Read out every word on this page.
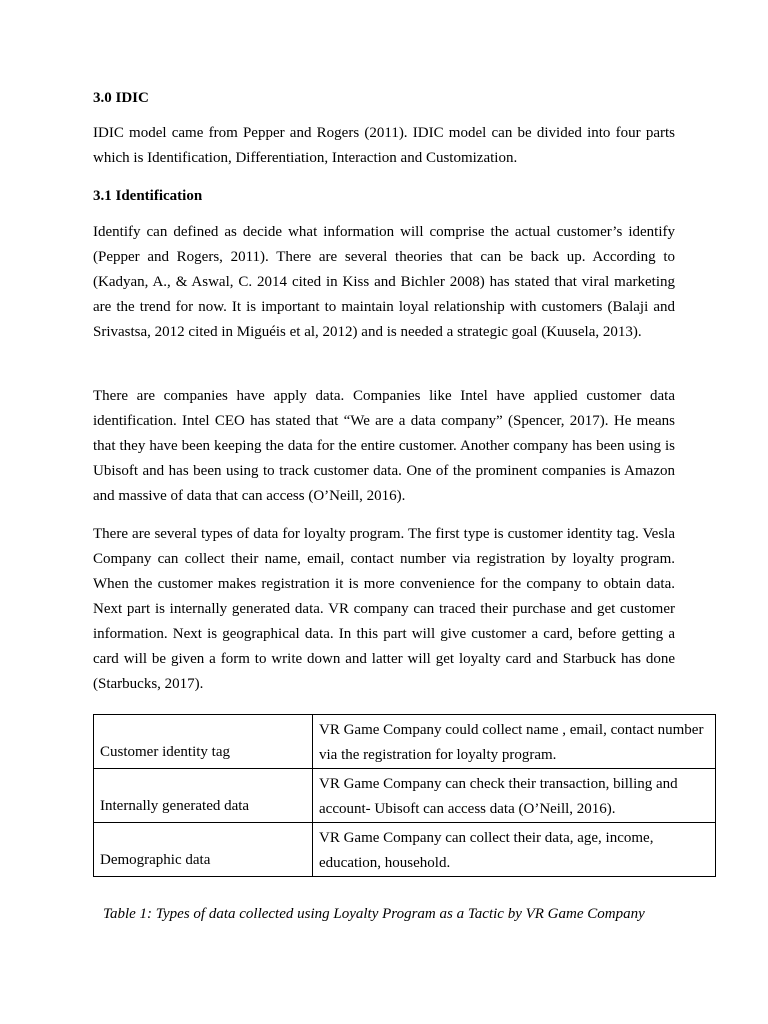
3.0 IDIC

IDIC model came from Pepper and Rogers (2011). IDIC model can be divided into four parts which is Identification, Differentiation, Interaction and Customization.

3.1 Identification

Identify can defined as decide what information will comprise the actual customer’s identify (Pepper and Rogers, 2011). There are several theories that can be back up. According to (Kadyan, A., & Aswal, C. 2014 cited in Kiss and Bichler 2008) has stated that viral marketing are the trend for now. It is important to maintain loyal relationship with customers (Balaji and Srivastsa, 2012 cited in Miguéis et al, 2012) and is needed a strategic goal (Kuusela, 2013).

There are companies have apply data. Companies like Intel have applied customer data identification. Intel CEO has stated that “We are a data company” (Spencer, 2017). He means that they have been keeping the data for the entire customer. Another company has been using is Ubisoft and has been using to track customer data. One of the prominent companies is Amazon and massive of data that can access (O’Neill, 2016).

There are several types of data for loyalty program. The first type is customer identity tag. Vesla Company can collect their name, email, contact number via registration by loyalty program. When the customer makes registration it is more convenience for the company to obtain data. Next part is internally generated data. VR company can traced their purchase and get customer information. Next is geographical data. In this part will give customer a card, before getting a card will be given a form to write down and latter will get loyalty card and Starbuck has done (Starbucks, 2017).

Customer identity tag	VR Game Company could collect name , email, contact number via the registration for loyalty program.
Internally generated data	VR Game Company can check their transaction, billing and account- Ubisoft can access data (O’Neill, 2016).
Demographic data	VR Game Company can collect their data, age, income, education, household.

Table 1: Types of data collected using Loyalty Program as a Tactic by VR Game Company
